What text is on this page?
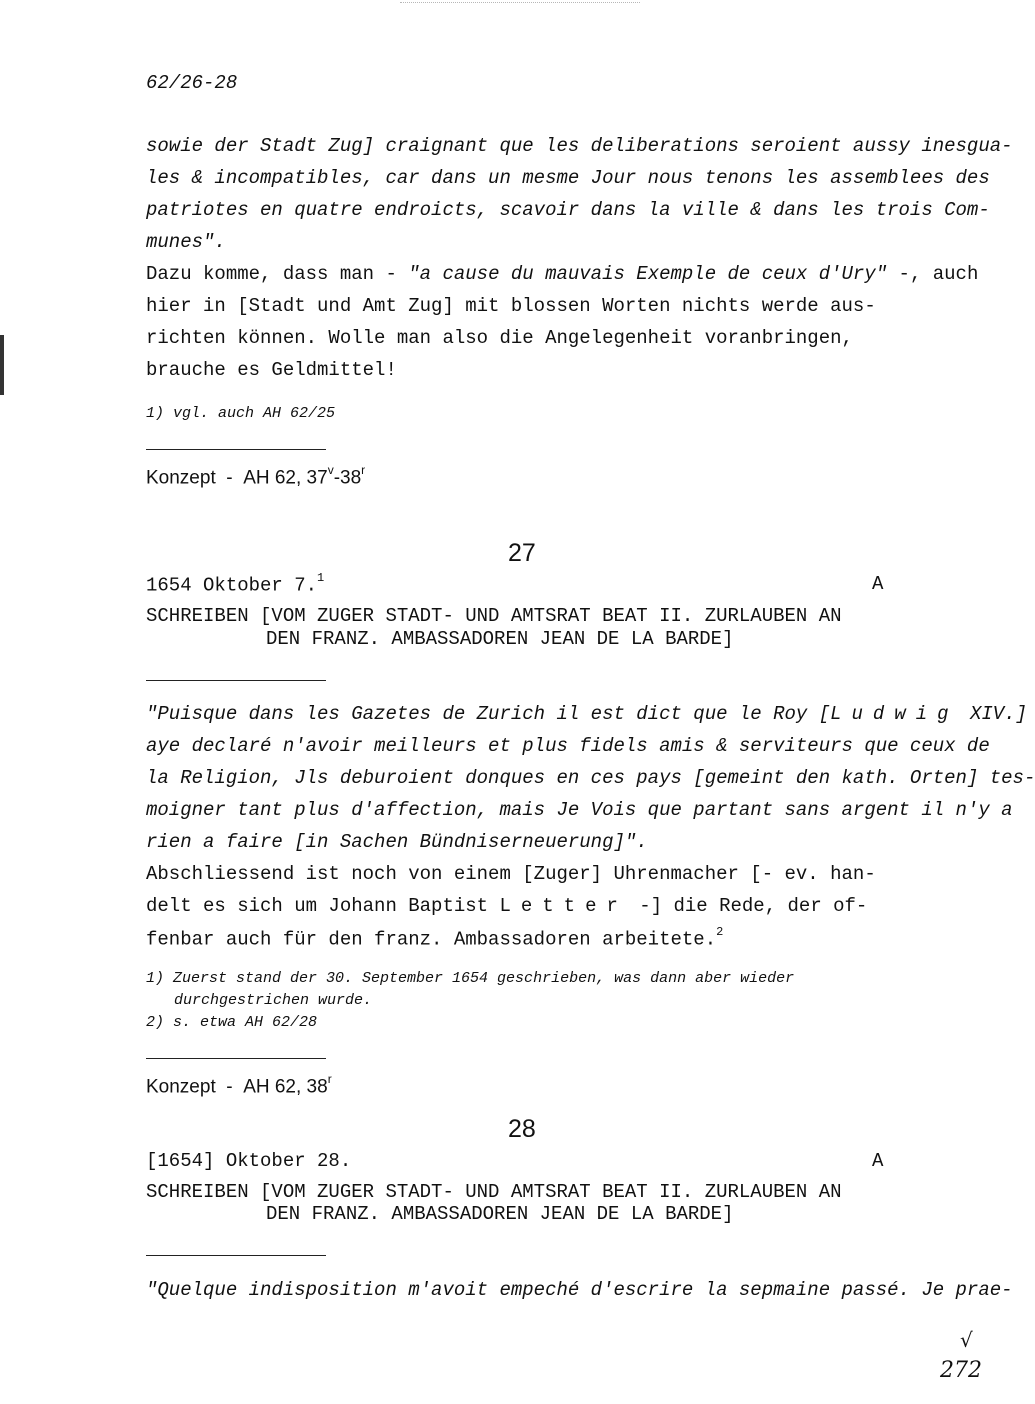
62/26-28
sowie der Stadt Zug] craignant que les deliberations seroient aussy inesgua-
les & incompatibles, car dans un mesme Jour nous tenons les assemblees des
patriotes en quatre endroicts, scavoir dans la ville & dans les trois Com-
munes".
Dazu komme, dass man - "a cause du mauvais Exemple de ceux d'Ury" -, auch
hier in [Stadt und Amt Zug] mit blossen Worten nichts werde aus-
richten können. Wolle man also die Angelegenheit voranbringen,
brauche es Geldmittel!
1) vgl. auch AH 62/25
Konzept - AH 62, 37$^v$-38$^r$
27
1654 Oktober 7.$^1$	A
SCHREIBEN [VOM ZUGER STADT- UND AMTSRAT BEAT II. ZURLAUBEN AN
DEN FRANZ. AMBASSADOREN JEAN DE LA BARDE]
"Puisque dans les Gazetes de Zurich il est dict que le Roy [Ludwig XIV.]
aye declaré n'avoir meilleurs et plus fidels amis & serviteurs que ceux de
la Religion, Jls deburoient donques en ces pays [gemeint den kath. Orten] tes-
moigner tant plus d'affection, mais Je Vois que partant sans argent il n'y a
rien a faire [in Sachen Bündniserneuerung]".
Abschliessend ist noch von einem [Zuger] Uhrenmacher [- ev. han-
delt es sich um Johann Baptist Letter -] die Rede, der of-
fenbar auch für den franz. Ambassadoren arbeitete.$^2$
1) Zuerst stand der 30. September 1654 geschrieben, was dann aber wieder
durchgestrichen wurde.
2) s. etwa AH 62/28
Konzept - AH 62, 38$^r$
28
[1654] Oktober 28.	A
SCHREIBEN [VOM ZUGER STADT- UND AMTSRAT BEAT II. ZURLAUBEN AN
DEN FRANZ. AMBASSADOREN JEAN DE LA BARDE]
"Quelque indisposition m'avoit empeché d'escrire la sepmaine passé. Je prae-
√
272
